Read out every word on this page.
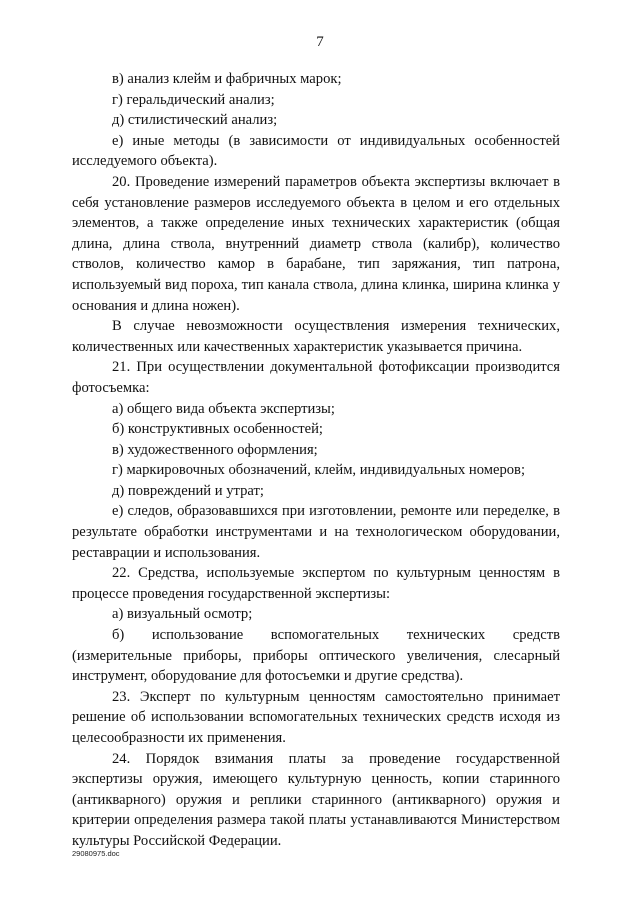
7

в) анализ клейм и фабричных марок;

г) геральдический анализ;

д) стилистический анализ;

е) иные методы (в зависимости от индивидуальных особенностей исследуемого объекта).

20. Проведение измерений параметров объекта экспертизы включает в себя установление размеров исследуемого объекта в целом и его отдельных элементов, а также определение иных технических характеристик (общая длина, длина ствола, внутренний диаметр ствола (калибр), количество стволов, количество камор в барабане, тип заряжания, тип патрона, используемый вид пороха, тип канала ствола, длина клинка, ширина клинка у основания и длина ножен).

В случае невозможности осуществления измерения технических, количественных или качественных характеристик указывается причина.

21. При осуществлении документальной фотофиксации производится фотосъемка:

а) общего вида объекта экспертизы;

б) конструктивных особенностей;

в) художественного оформления;

г) маркировочных обозначений, клейм, индивидуальных номеров;

д) повреждений и утрат;

е) следов, образовавшихся при изготовлении, ремонте или переделке, в результате обработки инструментами и на технологическом оборудовании, реставрации и использования.

22. Средства, используемые экспертом по культурным ценностям в процессе проведения государственной экспертизы:

а) визуальный осмотр;

б) использование вспомогательных технических средств (измерительные приборы, приборы оптического увеличения, слесарный инструмент, оборудование для фотосъемки и другие средства).

23. Эксперт по культурным ценностям самостоятельно принимает решение об использовании вспомогательных технических средств исходя из целесообразности их применения.

24. Порядок взимания платы за проведение государственной экспертизы оружия, имеющего культурную ценность, копии старинного (антикварного) оружия и реплики старинного (антикварного) оружия и критерии определения размера такой платы устанавливаются Министерством культуры Российской Федерации.

29080975.doc
